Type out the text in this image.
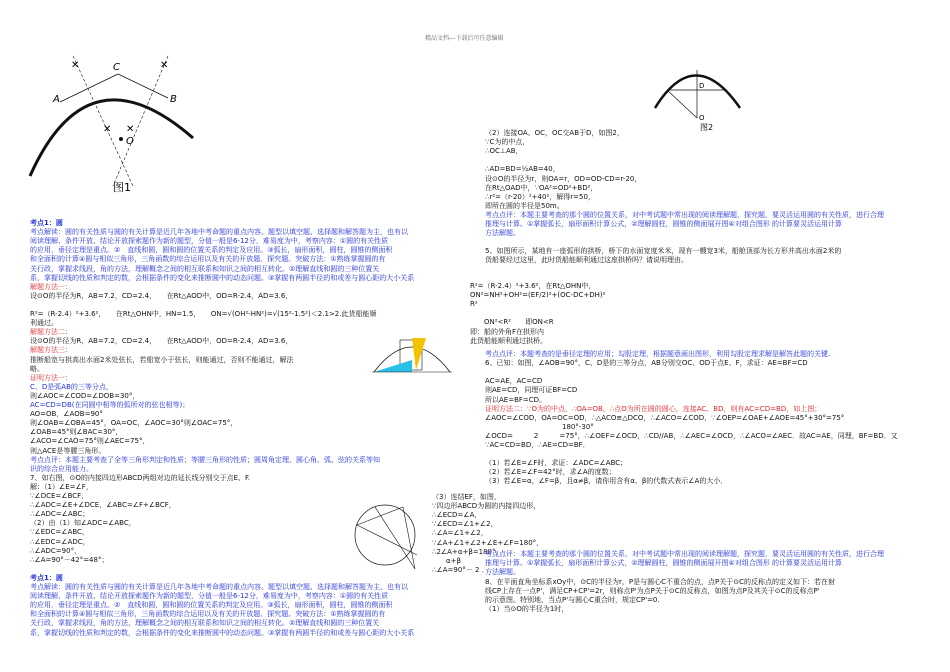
精品文档---下载后可任意编辑
✕
✕
✕
✕
A	B
C
O
图1
D
O
图2
考点1：圆
考点解读：圆的有关性质与圆的有关计算是近几年各地中考命题的重点内容。题型以填空题、选择题和解答题为主，也有以
阅读理解、条件开放、结论开放探索题作为新的题型，分值一般是6-12分，难易度为中，考察内容：①圆的有关性质
的应用，垂径定理是重点。②　直线和圆，圆和圆的位置关系的判定及应用。③弧长，扇形面积，圆柱，圆锥的侧面积
和全面积的计算④圆与相似三角形，三角函数的综合运用以及有关的开放题、探究题。突破方法：①熟练掌握圆的有
关行政，掌握求线段，角的方法，理解概念之间的相互联系和知识之间的相互转化。②理解直线和圆的三种位置关
系，掌握切线的性质和判定的数，会根据条件的变化来推断圆中的动态问题。③掌握有两圆半径的和或差与圆心距的大小关系
解题方法一：
设⊙O的半径为R，AB=7.2，CD=2.4，　　在Rt△AOD中，OD=R-2.4，AD=3.6，
R²=（R-2.4）²+3.6²，　　在Rt△OHN中，HN=1.5，　　ON=√(OH²-HN²)=√(15²-1.5²)＜2.1>2.此货船能顺
利通过。
解题方法二：
设⊙O的半径为R，AB=7.2，CD=2.4，　　在Rt△AOD中，OD=R-2.4，AD=3.6，
解题方法三：
推断船宽与拱高出水面2米处弦长，若船宽小于弦长，则能通过，否则不能通过，解法
略。
证明方法一：
C、D是弧AB的三等分点，
则∠AOC=∠COD=∠DOB=30°，
AC=CD=DB(在同圆中相等的弧所对的弦也相等)；
AO=OB，∠AOB=90°
则∠OAB=∠OBA=45°，OA=OC，∠AOC=30°则∠OAC=75°，
∠OAB=45°则∠BAC=30°，
∠ACO=∠CAO=75°则∠AEC=75°，
则△ACE是等腰三角形。
考点点评：本题主要考查了全等三角形判定和性质；等腰三角形的性质；圆周角定理、圆心角、弧、弦的关系等知
识的综合应用能力。
7、如右图，⊙O的内接四边形ABCD两组对边的延长线分别交于点E、F.
解：（1）∠E=∠F，
∵∠DCE=∠BCF，
∴∠ADC=∠E+∠DCE，∠ABC=∠F+∠BCF，
∴∠ADC=∠ABC；
（2）由（1）知∠ADC=∠ABC，
∵∠EDC=∠ABC，
∴∠EDC=∠ADC，
∴∠ADC=90°，
∴∠A=90°－42°=48°；
考点1：圆
考点解读：圆的有关性质与圆的有关计算是近几年各地中考命题的重点内容。题型以填空题、选择题和解答题为主，也有以
阅读理解、条件开放、结论开放探索题作为新的题型，分值一般是6-12分，难易度为中，考察内容：①圆的有关性质
的应用，垂径定理是重点。②　直线和圆，圆和圆的位置关系的判定及应用。③弧长，扇形面积，圆柱，圆锥的侧面积
和全面积的计算④圆与相似三角形，三角函数的综合运用以及有关的开放题、探究题。突破方法：①熟练掌握圆的有
关行政，掌握求线段，角的方法，理解概念之间的相互联系和知识之间的相互转化。②理解直线和圆的三种位置关
系，掌握切线的性质和判定的数，会根据条件的变化来推断圆中的动态问题。③掌握有两圆半径的和或差与圆心距的大小关系
（3）连结EF，如图，
∵四边形ABCD为圆的内接四边形，
∴∠ECD=∠A，
∵∠ECD=∠1+∠2，
∴∠A=∠1+∠2，
∵∠A+∠1+∠2+∠E+∠F=180°，
∴2∠A+α+β=180°，
　　α+β
∴∠A=90°－ 2 ．
（2）连接OA、OC，OC交AB于D，如图2，
∵C为的中点，
∴OC⊥AB，
∴AD=BD=½AB=40，
设⊙O的半径为r，则OA=r，OD=OD-CD=r-20，
在Rt△OAD中，∵OA²=OD²+BD²，
∴r²=（r-20）²+40²，解得r=50，
即所在圆的半径是50m。
考点点评：本题主要考查的那个圆的位置关系，对中考试题中常出现的阅读理解题，探究题，要灵活运用圆的有关性质，进行合理
推理与计算。①掌握弧长，扇形面积计算公式，②理解圆柱，圆锥的侧面展开图④对组合图形 的计算要灵活运用计算
方法解题。
5、如图所示，某地有一座弧形的拱桥，桥下的水面宽度米米，现有一艘宽3米，船舱顶部为长方形并高出水面2米的
货船要经过这里，此时货船能顺利通过这座拱桥吗？请说明理由。
R²=（R-2.4）²+3.6²，在Rt△OHN中，
ON²=NH²+OH²=(EF/2)²+(OC-DC+DH)²
R²
　　ON²<R²　　即ON<R
即：船的外角F在拱形内
此货船能顺利通过拱桥。
考点点评：本题考查的是垂径定理的应用；勾股定理，根据题意画出图形，利用勾股定理求解是解答此题的关键.
6、已知：如图，∠AOB=90°，C、D是的三等分点，AB分别交OC、OD于点E、F，求证：AE=BF=CD
AC=AE，AC=CD
则AE=CD，同理可证BF=CD
所以AE=BF=CD。
证明方法二：∵O为的中点，∴OA=OB，∴点O为所在圆的圆心，连接AC、BD，则有AC=CD=BD，如上图；
∠AOC=∠COD，OA=OC=OD，∴△ACO≌△DCO，∴∠ACO=∠COD，∵∠OEP=∠OAE+∠AOE=45°+30°=75°
　　　　　　　　　　　180°-30°
∠OCD=　　　2　　　=75°，∴∠OEF=∠OCD，∴CD//AB，∴∠AEC=∠OCD，∴∠ACO=∠AEC．故AC=AE，同理，BF=BD．又
∵AC=CD=BD，∴AE=CD=BF．
（1）若∠E=∠F时，求证：∠ADC=∠ABC；
（2）若∠E=∠F=42°时，求∠A的度数；
（3）若∠E=α，∠F=β，且α≠β，请你用含有α、β的代数式表示∠A的大小．
考点点评：本题主要考查的那个圆的位置关系，对中考试题中常出现的阅读理解题，探究题，要灵活运用圆的有关性质，进行合理
推理与计算。①掌握弧长，扇形面积计算公式，②理解圆柱，圆锥的侧面展开图④对组合图形 的计算要灵活运用计算
方法解题。
8、在平面直角坐标系xOy中，⊙C的半径为r，P是与圆心C不重合的点，点P关于⊙C的反称点的定义如下：若在射
线CP上存在一点P'，满足CP+CP'=2r，则称点P'为点P关于⊙C的反称点，如图为点P及其关于⊙C的反称点P'
的示意图。特别地，当点P'与圆心C重合时，规定CP'=0.
（1）当⊙O的半径为1时，
